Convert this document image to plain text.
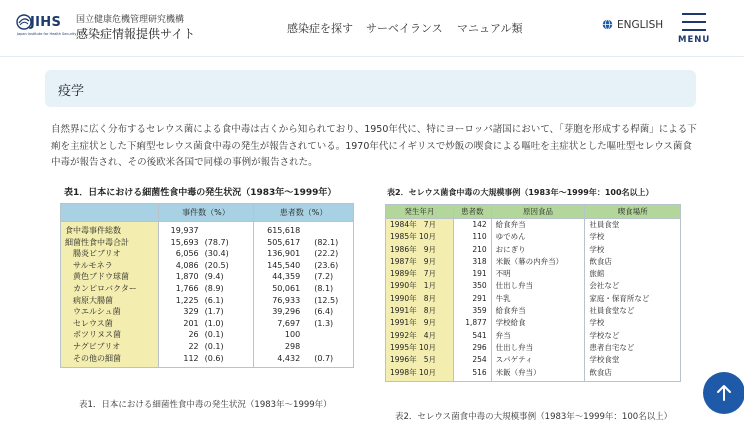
JIHS
Japan Institute for Health Security
国立健康危機管理研究機構
感染症情報提供サイト	感染症を探す サーベイランス マニュアル類	ENGLISH
MENU
疫学

自然界に広く分布するセレウス菌による食中毒は古くから知られており、1950年代に、特にヨーロッパ諸国において、「芽胞を形成する桿菌」による下痢を主症状とした下痢型セレウス菌食中毒の発生が報告されている。1970年代にイギリスで炒飯の喫食による嘔吐を主症状とした嘔吐型セレウス菌食中毒が報告され、その後欧米各国で同様の事例が報告された。

表1．日本における細菌性食中毒の発生状況（1983年～1999年）
	事件数（%）	患者数（%）
食中毒事件総数	19,937	615,618

細菌性食中毒合計	15,693 (78.7)	505,617 (82.1)

　腸炎ビブリオ	6,056 (30.4)	136,901 (22.2)

　サルモネラ	4,086 (20.5)	145,540 (23.6)

　黄色ブドウ球菌	1,870 (9.4)	44,359 (7.2)

　カンピロバクター	1,766 (8.9)	50,061 (8.1)

　病原大腸菌	1,225 (6.1)	76,933 (12.5)

　ウエルシュ菌	329 (1.7)	39,296 (6.4)

　セレウス菌	201 (1.0)	7,697 (1.3)

　ボツリヌス菌	26 (0.1)	100

　ナグビブリオ	22 (0.1)	298

　その他の細菌	112 (0.6)	4,432 (0.7)
表1．日本における細菌性食中毒の発生状況（1983年～1999年）
表2．セレウス菌食中毒の大規模事例（1983年～1999年：100名以上）
発生年月	患者数	原因食品	喫食場所
1984年 7月	142	給食弁当	社員食堂
1985年 10月	110	ゆでめん	学校
1986年 9月	210	おにぎり	学校
1987年 9月	318	米飯（幕の内弁当）	飲食店
1989年 7月	191	不明	旅館
1990年 1月	350	仕出し弁当	会社など
1990年 8月	291	牛乳	家庭・保育所など
1991年 8月	359	給食弁当	社員食堂など
1991年 9月	1,877	学校給食	学校
1992年 4月	541	弁当	学校など
1995年 10月	296	仕出し弁当	患者自宅など
1996年 5月	254	スパゲティ	学校食堂
1998年 10月	516	米飯（弁当）	飲食店
表2．セレウス菌食中毒の大規模事例（1983年～1999年：100名以上）
